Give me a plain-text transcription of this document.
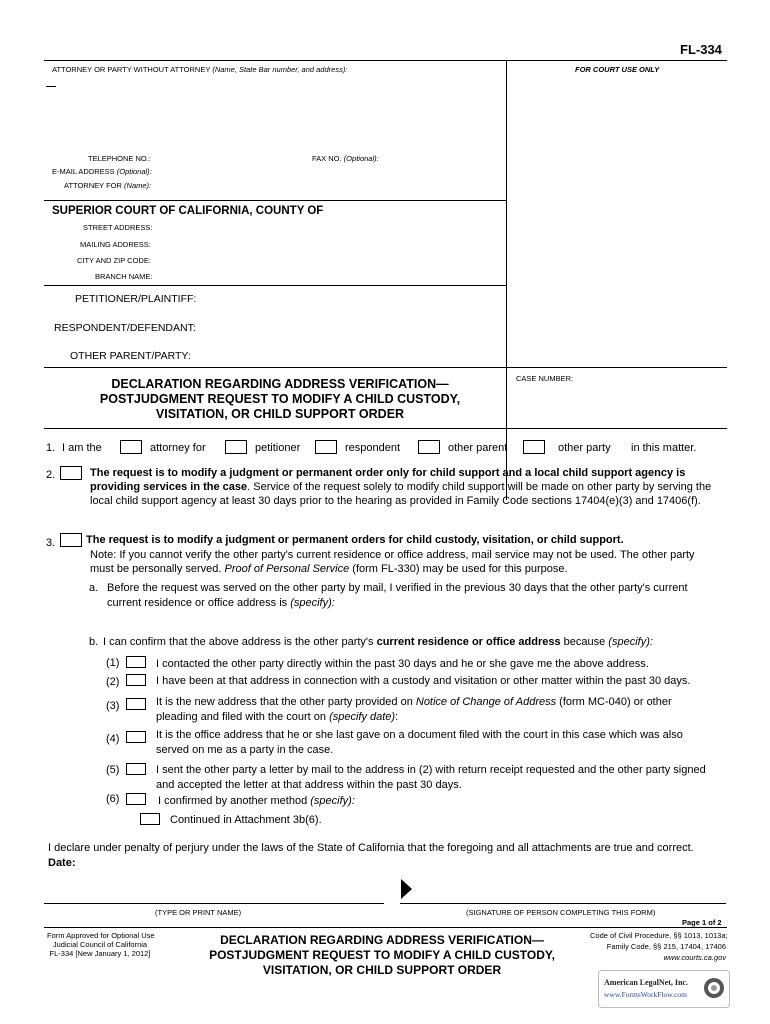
FL-334
ATTORNEY OR PARTY WITHOUT ATTORNEY (Name, State Bar number, and address):	FOR COURT USE ONLY
TELEPHONE NO.:	FAX NO. (Optional):
E-MAIL ADDRESS (Optional):
ATTORNEY FOR (Name):
SUPERIOR COURT OF CALIFORNIA, COUNTY OF
STREET ADDRESS:
MAILING ADDRESS:
CITY AND ZIP CODE:
BRANCH NAME:
PETITIONER/PLAINTIFF:
RESPONDENT/DEFENDANT:
OTHER PARENT/PARTY:
DECLARATION REGARDING ADDRESS VERIFICATION—
POSTJUDGMENT REQUEST TO MODIFY A CHILD CUSTODY,
VISITATION, OR CHILD SUPPORT ORDER
CASE NUMBER:
1. I am the	attorney for	petitioner	respondent	other parent	other party in this matter.
2.	The request is to modify a judgment or permanent order only for child support and a local child support agency is providing services in the case. Service of the request solely to modify child support will be made on other party by serving the local child support agency at least 30 days prior to the hearing as provided in Family Code sections 17404(e)(3) and 17406(f).
3.	The request is to modify a judgment or permanent orders for child custody, visitation, or child support.
Note: If you cannot verify the other party's current residence or office address, mail service may not be used. The other party
must be personally served. Proof of Personal Service (form FL-330) may be used for this purpose.
a. Before the request was served on the other party by mail, I verified in the previous 30 days that the other party's current
current residence or office address is (specify):
b. I can confirm that the above address is the other party's current residence or office address because (specify):
(1)	I contacted the other party directly within the past 30 days and he or she gave me the above address.
(2)	I have been at that address in connection with a custody and visitation or other matter within the past 30 days.
(3)	It is the new address that the other party provided on Notice of Change of Address (form MC-040) or other
pleading and filed with the court on (specify date):
(4)	It is the office address that he or she last gave on a document filed with the court in this case which was also
served on me as a party in the case.
(5)	I sent the other party a letter by mail to the address in (2) with return receipt requested and the other party signed
and accepted the letter at that address within the past 30 days.
(6)	I confirmed by another method (specify):
Continued in Attachment 3b(6).
I declare under penalty of perjury under the laws of the State of California that the foregoing and all attachments are true and correct.
Date:
(TYPE OR PRINT NAME)	(SIGNATURE OF PERSON COMPLETING THIS FORM)
Page 1 of 2
Form Approved for Optional Use
Judicial Council of California
FL-334 [New January 1, 2012]
DECLARATION REGARDING ADDRESS VERIFICATION—
POSTJUDGMENT REQUEST TO MODIFY A CHILD CUSTODY,
VISITATION, OR CHILD SUPPORT ORDER
Code of Civil Procedure, §§ 1013, 1013a;
Family Code, §§ 215, 17404, 17406
www.courts.ca.gov
American LegalNet, Inc.
www.FormsWorkFlow.com
